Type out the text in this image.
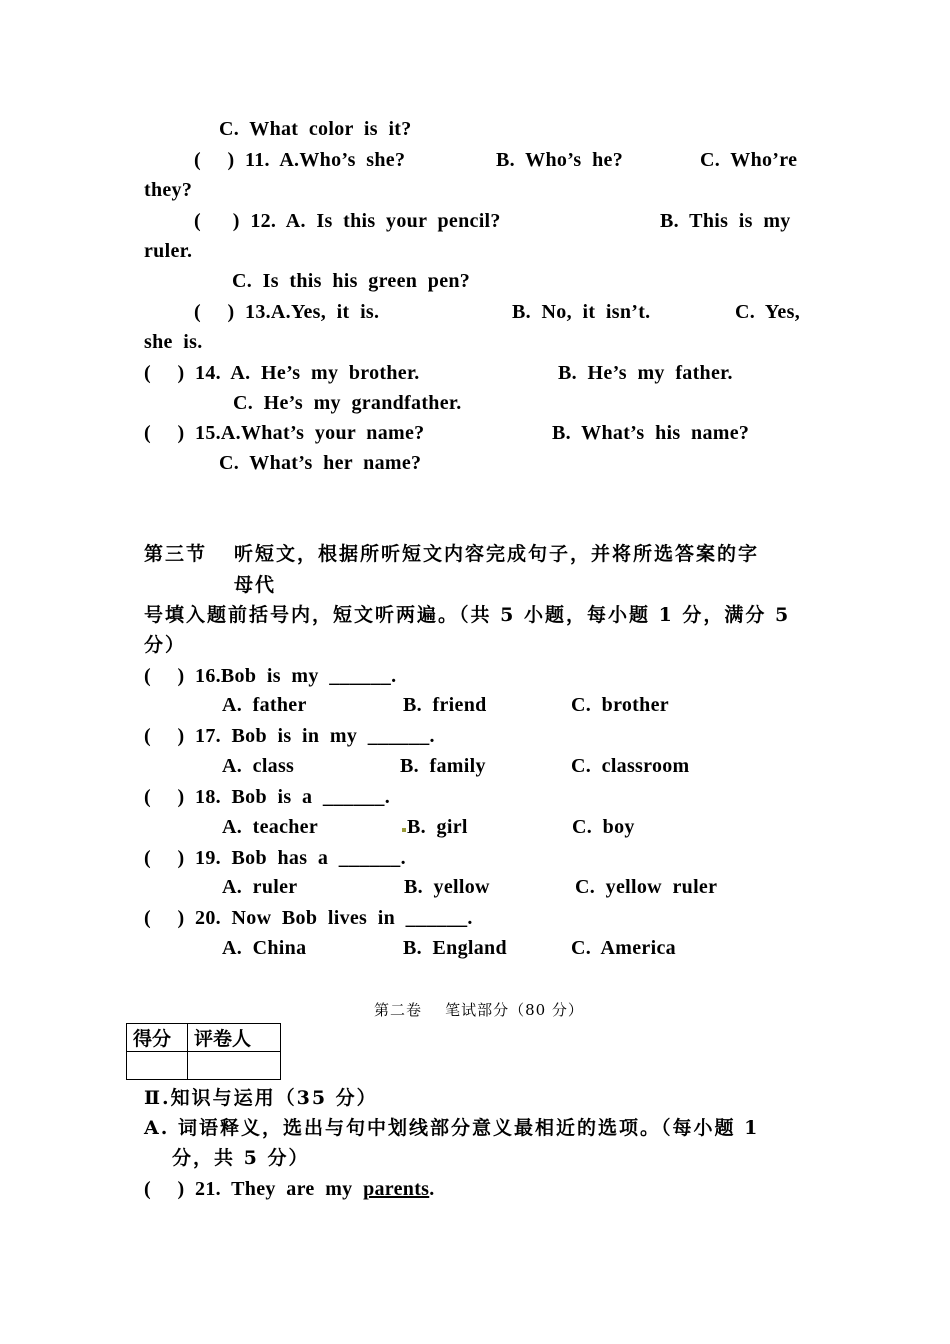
C.  What  color  is  it?
(     )  11.  A.Who’s  she?	B.  Who’s  he?	C.  Who’re
they?
(      )  12.  A.  Is  this  your  pencil?	B.  This  is  my
ruler.
C.  Is  this  his  green  pen?
(     )  13.A.Yes,  it  is.	B.  No,  it  isn’t.	C.  Yes,
she  is.
(     )  14.  A.  He’s  my  brother.	B.  He’s  my  father.
C.  He’s  my  grandfather.
(     )  15.A.What’s  your  name?	B.  What’s  his  name?
C.  What’s  her  name?
第三节 听短文，根据所听短文内容完成句子，并将所选答案的字
母代
号填入题前括号内，短文听两遍。（共 5 小题，每小题 1 分，满分 5
分）
(     )  16.Bob  is  my  ______.
A.  father	B.  friend	C.  brother
(     )  17.  Bob  is  in  my  ______.
A.  class	B.  family	C.  classroom
(     )  18.  Bob  is  a  ______.
A.  teacher	B.  girl	C.  boy
(     )  19.  Bob  has  a  ______.
A.  ruler	B.  yellow	C.  yellow  ruler
(     )  20.  Now  Bob  lives  in  ______.
A.  China	B.  England	C.  America
第二卷    笔试部分（80 分）
得分	评卷人

Ⅱ.知识与运用（35 分）
A. 词语释义，选出与句中划线部分意义最相近的选项。（每小题 1
分，共 5 分）
(     )  21.  They  are  my  parents.
